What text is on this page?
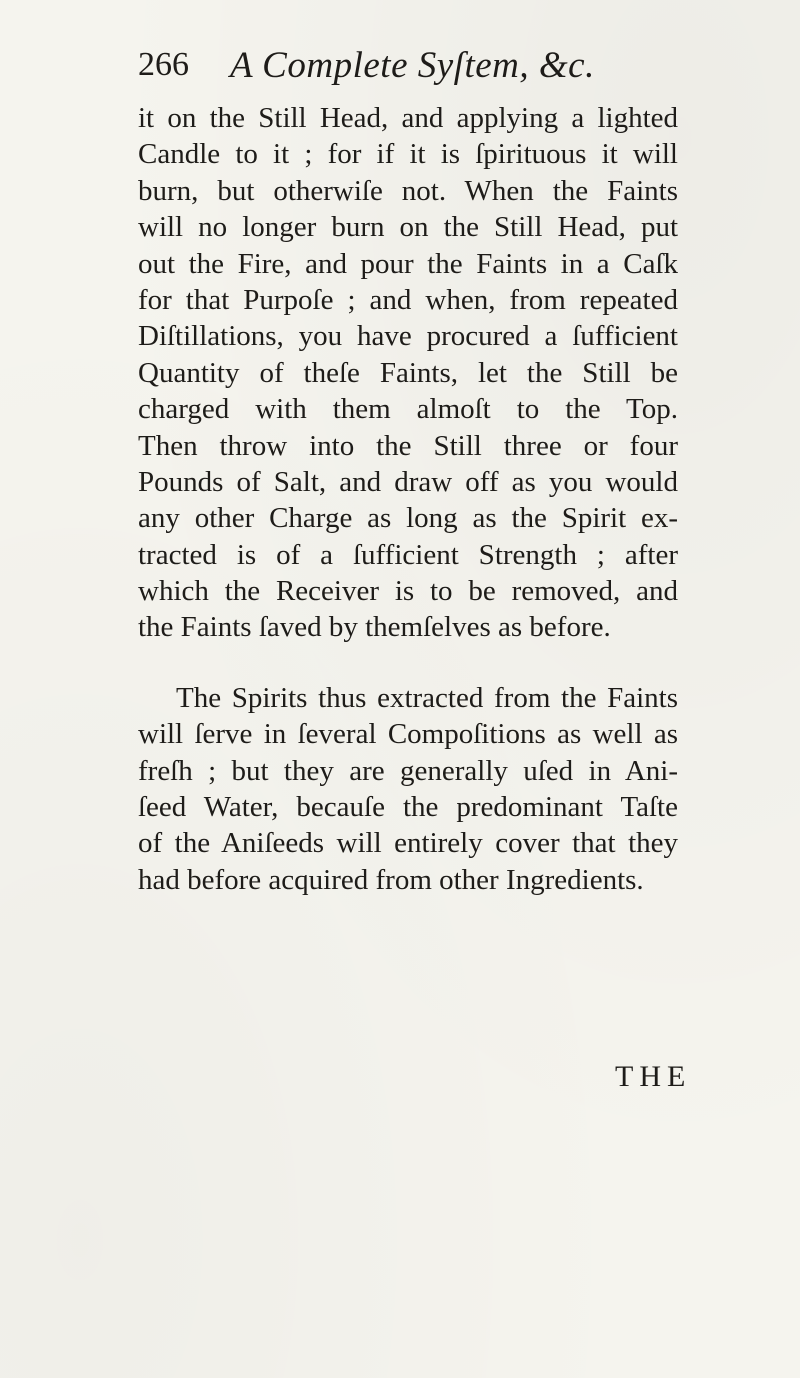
266 A Complete Syſtem, &c.
it on the Still Head, and applying a lighted
Candle to it ; for if it is ſpirituous it will
burn, but otherwiſe not. When the Faints
will no longer burn on the Still Head, put
out the Fire, and pour the Faints in a Caſk
for that Purpoſe ; and when, from repeated
Diſtillations, you have procured a ſufficient
Quantity of theſe Faints, let the Still be
charged with them almoſt to the Top.
Then throw into the Still three or four
Pounds of Salt, and draw off as you would
any other Charge as long as the Spirit ex-
tracted is of a ſufficient Strength ; after
which the Receiver is to be removed, and
the Faints ſaved by themſelves as before.
The Spirits thus extracted from the Faints
will ſerve in ſeveral Compoſitions as well as
freſh ; but they are generally uſed in Ani-
ſeed Water, becauſe the predominant Taſte
of the Aniſeeds will entirely cover that they
had before acquired from other Ingredients.
THE
